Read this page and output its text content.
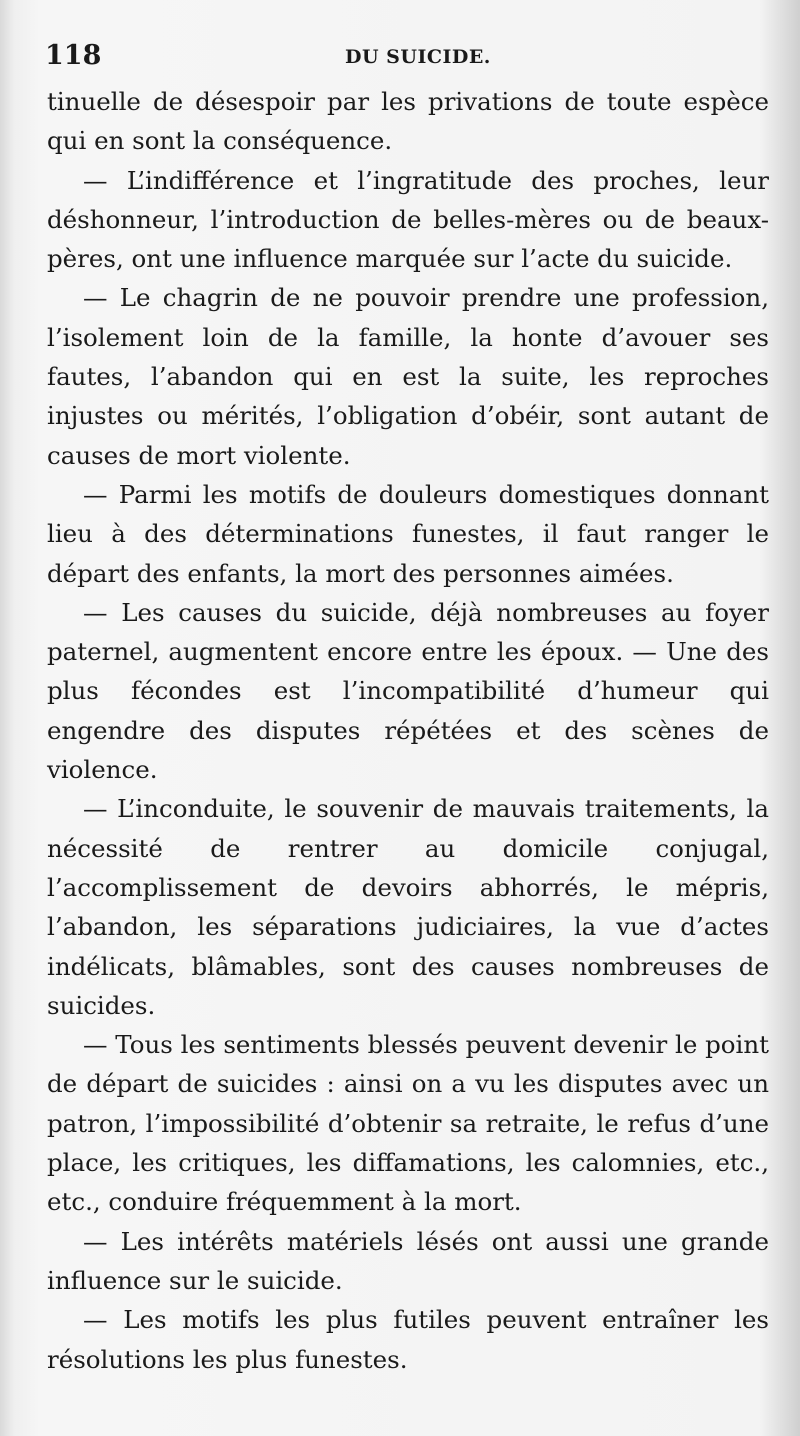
118	DU SUICIDE.

tinuelle de désespoir par les privations de toute espèce qui en sont la conséquence.

— L’indifférence et l’ingratitude des proches, leur déshonneur, l’introduction de belles-mères ou de beaux-pères, ont une influence marquée sur l’acte du suicide.

— Le chagrin de ne pouvoir prendre une profession, l’isolement loin de la famille, la honte d’avouer ses fautes, l’abandon qui en est la suite, les reproches injustes ou mérités, l’obligation d’obéir, sont autant de causes de mort violente.

— Parmi les motifs de douleurs domestiques donnant lieu à des déterminations funestes, il faut ranger le départ des enfants, la mort des personnes aimées.

— Les causes du suicide, déjà nombreuses au foyer paternel, augmentent encore entre les époux. — Une des plus fécondes est l’incompatibilité d’humeur qui engendre des disputes répétées et des scènes de violence.

— L’inconduite, le souvenir de mauvais traitements, la nécessité de rentrer au domicile conjugal, l’accomplissement de devoirs abhorrés, le mépris, l’abandon, les séparations judiciaires, la vue d’actes indélicats, blâmables, sont des causes nombreuses de suicides.

— Tous les sentiments blessés peuvent devenir le point de départ de suicides : ainsi on a vu les disputes avec un patron, l’impossibilité d’obtenir sa retraite, le refus d’une place, les critiques, les diffamations, les calomnies, etc., etc., conduire fréquemment à la mort.

— Les intérêts matériels lésés ont aussi une grande influence sur le suicide.

— Les motifs les plus futiles peuvent entraîner les résolutions les plus funestes.
